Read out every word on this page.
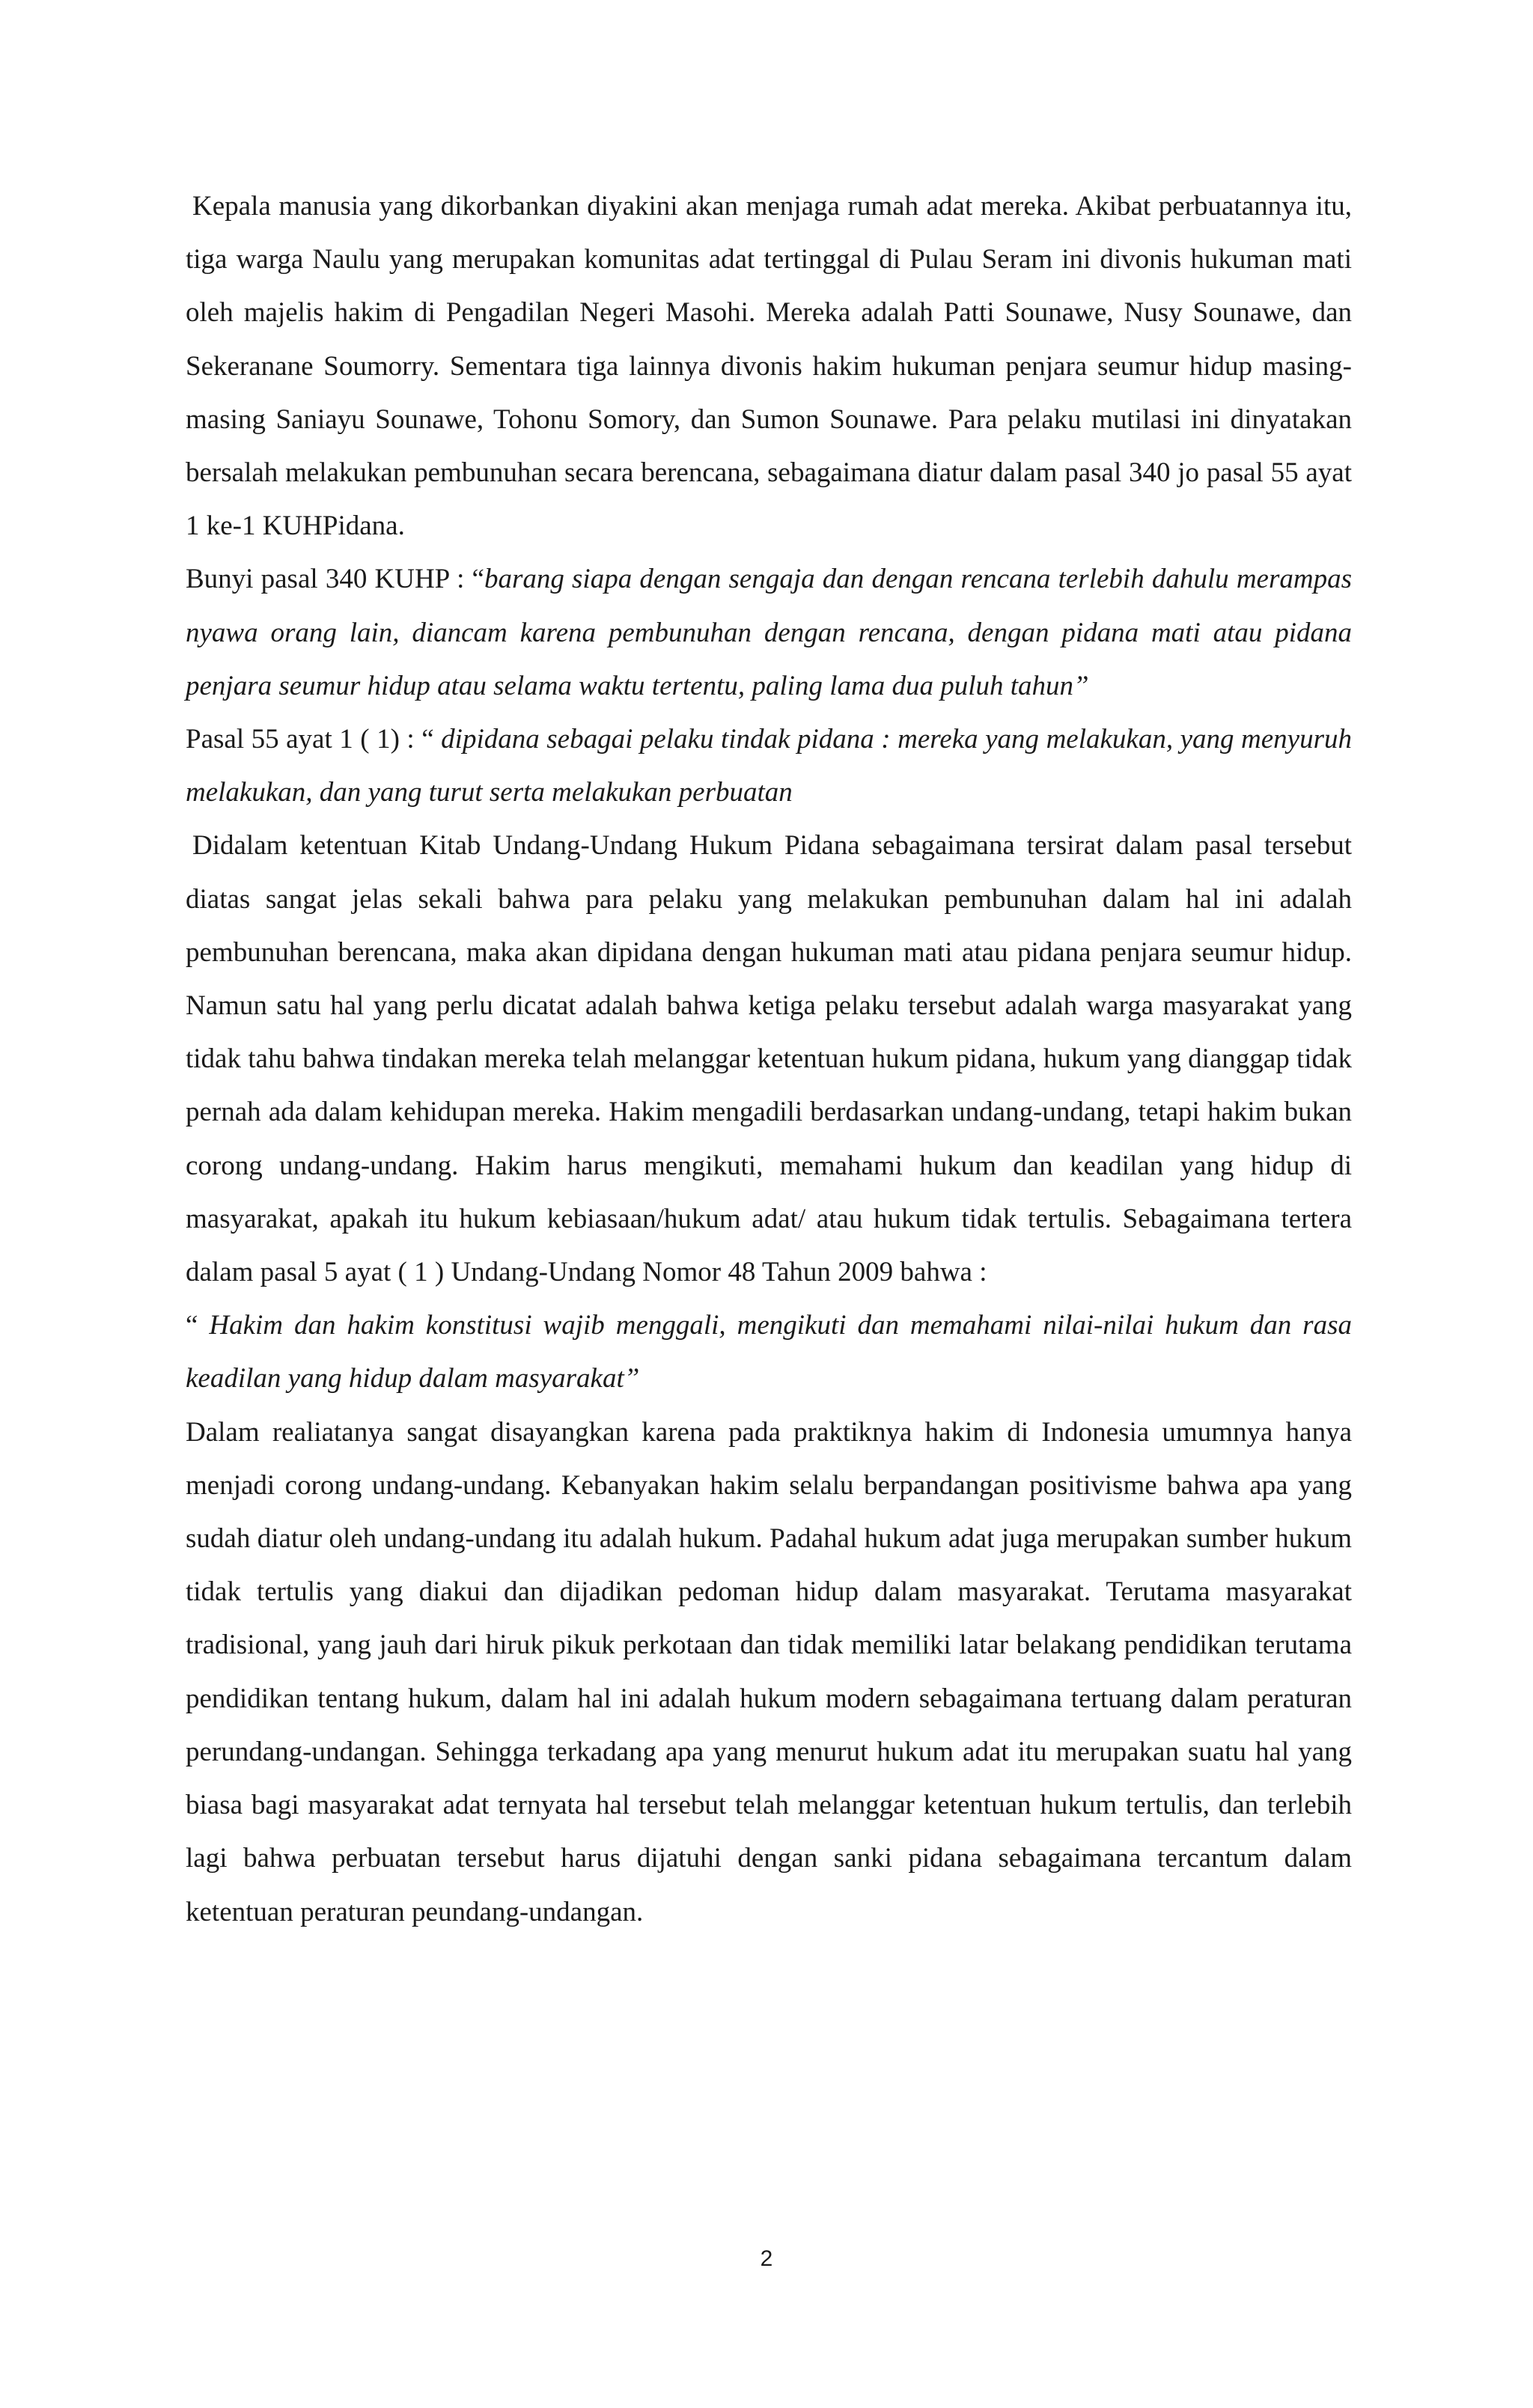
Kepala manusia yang dikorbankan diyakini akan menjaga rumah adat mereka. Akibat perbuatannya itu, tiga warga Naulu yang merupakan komunitas adat tertinggal di Pulau Seram ini divonis hukuman mati oleh majelis hakim di Pengadilan Negeri Masohi. Mereka adalah Patti Sounawe, Nusy Sounawe, dan Sekeranane Soumorry. Sementara tiga lainnya divonis hakim hukuman penjara seumur hidup masing-masing Saniayu Sounawe, Tohonu Somory, dan Sumon Sounawe. Para pelaku mutilasi ini dinyatakan bersalah melakukan pembunuhan secara berencana, sebagaimana diatur dalam pasal 340 jo pasal 55 ayat 1 ke-1 KUHPidana.

Bunyi pasal 340 KUHP : “barang siapa dengan sengaja dan dengan rencana terlebih dahulu merampas nyawa orang lain, diancam karena pembunuhan dengan rencana, dengan pidana mati atau pidana penjara seumur hidup atau selama waktu tertentu, paling lama dua puluh tahun”

Pasal 55 ayat 1 ( 1) : “ dipidana sebagai pelaku tindak pidana : mereka yang melakukan, yang menyuruh melakukan, dan yang turut serta melakukan perbuatan

Didalam ketentuan Kitab Undang-Undang Hukum Pidana sebagaimana tersirat dalam pasal tersebut diatas sangat jelas sekali bahwa para pelaku yang melakukan pembunuhan dalam hal ini adalah pembunuhan berencana, maka akan dipidana dengan hukuman mati atau pidana penjara seumur hidup. Namun satu hal yang perlu dicatat adalah bahwa ketiga pelaku tersebut adalah warga masyarakat yang tidak tahu bahwa tindakan mereka telah melanggar ketentuan hukum pidana, hukum yang dianggap tidak pernah ada dalam kehidupan mereka. Hakim mengadili berdasarkan undang-undang, tetapi hakim bukan corong undang-undang. Hakim harus mengikuti, memahami hukum dan keadilan yang hidup di masyarakat, apakah itu hukum kebiasaan/hukum adat/ atau hukum tidak tertulis. Sebagaimana tertera dalam pasal 5 ayat ( 1 ) Undang-Undang Nomor 48 Tahun 2009 bahwa :

“ Hakim dan hakim konstitusi wajib menggali, mengikuti dan memahami nilai-nilai hukum dan rasa keadilan yang hidup dalam masyarakat”

Dalam realiatanya sangat disayangkan karena pada praktiknya hakim di Indonesia umumnya hanya menjadi corong undang-undang. Kebanyakan hakim selalu berpandangan positivisme bahwa apa yang sudah diatur oleh undang-undang itu adalah hukum. Padahal hukum adat juga merupakan sumber hukum tidak tertulis yang diakui dan dijadikan pedoman hidup dalam masyarakat. Terutama masyarakat tradisional, yang jauh dari hiruk pikuk perkotaan dan tidak memiliki latar belakang pendidikan terutama pendidikan tentang hukum, dalam hal ini adalah hukum modern sebagaimana tertuang dalam peraturan perundang-undangan. Sehingga terkadang apa yang menurut hukum adat itu merupakan suatu hal yang biasa bagi masyarakat adat ternyata hal tersebut telah melanggar ketentuan hukum tertulis, dan terlebih lagi bahwa perbuatan tersebut harus dijatuhi dengan sanki pidana sebagaimana tercantum dalam ketentuan peraturan peundang-undangan.

2
